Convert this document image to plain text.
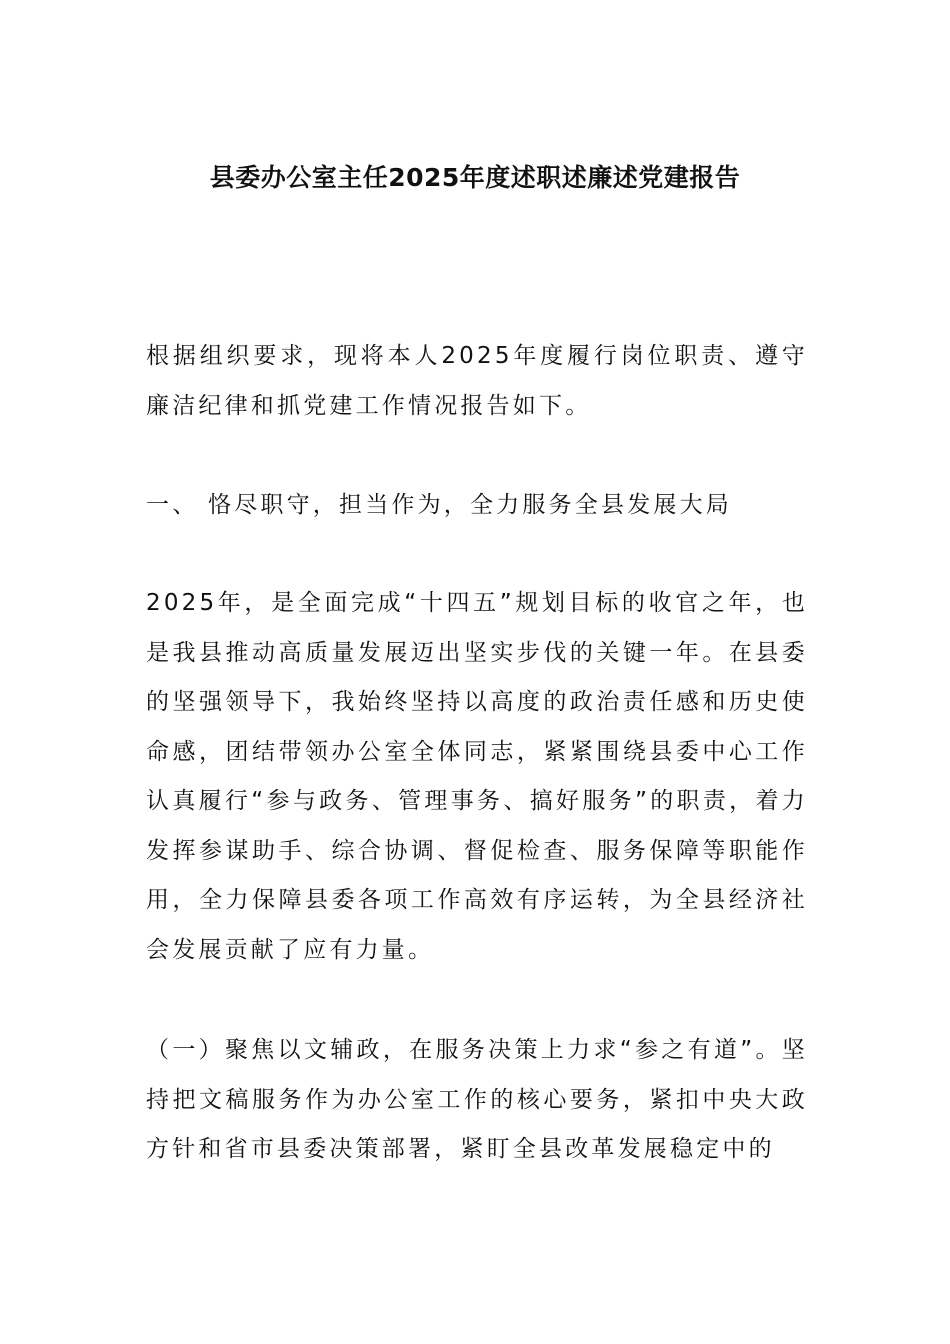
县委办公室主任2025年度述职述廉述党建报告

根据组织要求，现将本人2025年度履行岗位职责、遵守廉洁纪律和抓党建工作情况报告如下。

一、 恪尽职守，担当作为，全力服务全县发展大局

2025年，是全面完成“十四五”规划目标的收官之年，也是我县推动高质量发展迈出坚实步伐的关键一年。在县委的坚强领导下，我始终坚持以高度的政治责任感和历史使命感，团结带领办公室全体同志，紧紧围绕县委中心工作认真履行“参与政务、管理事务、搞好服务”的职责，着力发挥参谋助手、综合协调、督促检查、服务保障等职能作用，全力保障县委各项工作高效有序运转，为全县经济社会发展贡献了应有力量。

（一）聚焦以文辅政，在服务决策上力求“参之有道”。坚持把文稿服务作为办公室工作的核心要务，紧扣中央大政方针和省市县委决策部署，紧盯全县改革发展稳定中的
